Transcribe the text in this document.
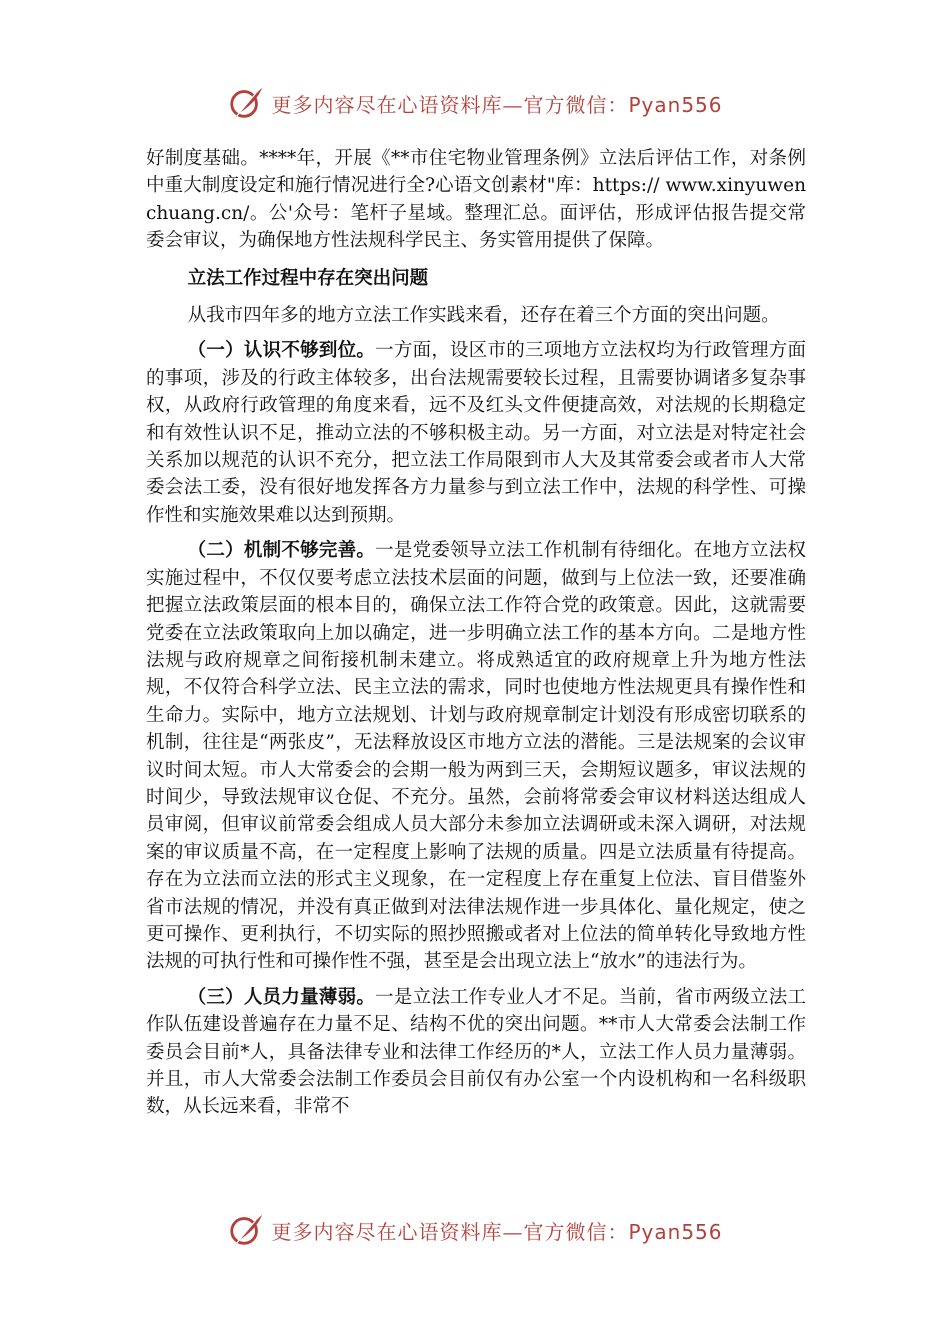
更多内容尽在心语资料库—官方微信：Pyan556

好制度基础。****年，开展《**市住宅物业管理条例》立法后评估工作，对条例中重大制度设定和施行情况进行全?心语文创素材"库：https:// www.xinyuwenchuang.cn/。公'众号：笔杆子星域。整理汇总。面评估，形成评估报告提交常委会审议，为确保地方性法规科学民主、务实管用提供了保障。

立法工作过程中存在突出问题

从我市四年多的地方立法工作实践来看，还存在着三个方面的突出问题。

（一）认识不够到位。一方面，设区市的三项地方立法权均为行政管理方面的事项，涉及的行政主体较多，出台法规需要较长过程，且需要协调诸多复杂事权，从政府行政管理的角度来看，远不及红头文件便捷高效，对法规的长期稳定和有效性认识不足，推动立法的不够积极主动。另一方面，对立法是对特定社会关系加以规范的认识不充分，把立法工作局限到市人大及其常委会或者市人大常委会法工委，没有很好地发挥各方力量参与到立法工作中，法规的科学性、可操作性和实施效果难以达到预期。

（二）机制不够完善。一是党委领导立法工作机制有待细化。在地方立法权实施过程中，不仅仅要考虑立法技术层面的问题，做到与上位法一致，还要准确把握立法政策层面的根本目的，确保立法工作符合党的政策意。因此，这就需要党委在立法政策取向上加以确定，进一步明确立法工作的基本方向。二是地方性法规与政府规章之间衔接机制未建立。将成熟适宜的政府规章上升为地方性法规，不仅符合科学立法、民主立法的需求，同时也使地方性法规更具有操作性和生命力。实际中，地方立法规划、计划与政府规章制定计划没有形成密切联系的机制，往往是“两张皮”，无法释放设区市地方立法的潜能。三是法规案的会议审议时间太短。市人大常委会的会期一般为两到三天，会期短议题多，审议法规的时间少，导致法规审议仓促、不充分。虽然，会前将常委会审议材料送达组成人员审阅，但审议前常委会组成人员大部分未参加立法调研或未深入调研，对法规案的审议质量不高，在一定程度上影响了法规的质量。四是立法质量有待提高。存在为立法而立法的形式主义现象，在一定程度上存在重复上位法、盲目借鉴外省市法规的情况，并没有真正做到对法律法规作进一步具体化、量化规定，使之更可操作、更利执行，不切实际的照抄照搬或者对上位法的简单转化导致地方性法规的可执行性和可操作性不强，甚至是会出现立法上“放水”的违法行为。

（三）人员力量薄弱。一是立法工作专业人才不足。当前，省市两级立法工作队伍建设普遍存在力量不足、结构不优的突出问题。**市人大常委会法制工作委员会目前*人，具备法律专业和法律工作经历的*人，立法工作人员力量薄弱。并且，市人大常委会法制工作委员会目前仅有办公室一个内设机构和一名科级职数，从长远来看，非常不

更多内容尽在心语资料库—官方微信：Pyan556
